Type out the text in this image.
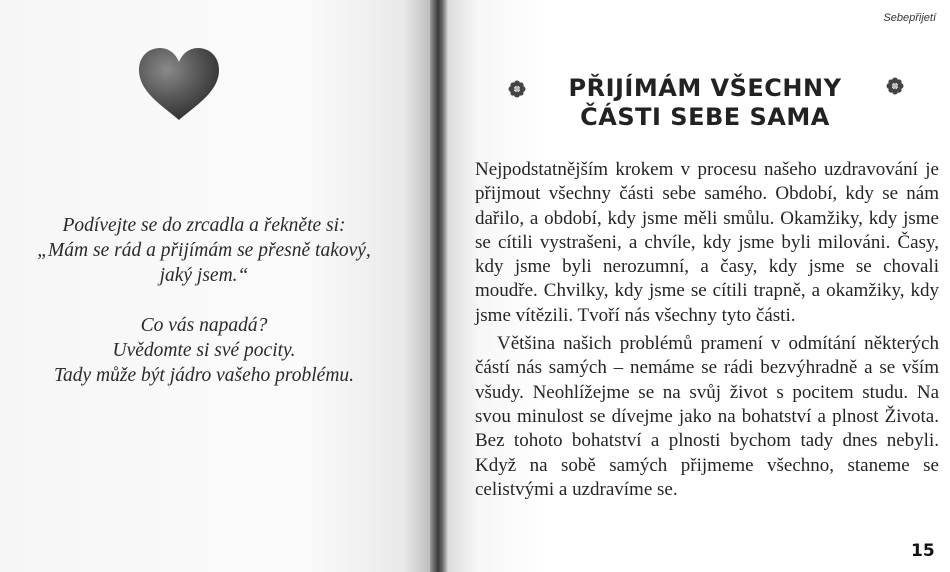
Podívejte se do zrcadla a řekněte si:

„Mám se rád a přijímám se přesně takový,

jaký jsem.“

Co vás napadá?

Uvědomte si své pocity.

Tady může být jádro vašeho problému.

Sebepřijetí
PŘIJÍMÁM VŠECHNY
ČÁSTI SEBE SAMA

Nejpodstatnějším krokem v procesu našeho uzdravování je přijmout všechny části sebe samého. Období, kdy se nám dařilo, a období, kdy jsme měli smůlu. Okamžiky, kdy jsme se cítili vystrašeni, a chvíle, kdy jsme byli milováni. Časy, kdy jsme byli nerozumní, a časy, kdy jsme se chovali moudře. Chvilky, kdy jsme se cítili trapně, a okamžiky, kdy jsme vítězili. Tvoří nás všechny tyto části.

Většina našich problémů pramení v odmítání některých částí nás samých – nemáme se rádi bezvýhradně a se vším všudy. Neohlížejme se na svůj život s pocitem studu. Na svou minulost se dívejme jako na bohatství a plnost Života. Bez tohoto bohatství a plnosti bychom tady dnes nebyli. Když na sobě samých přijmeme všechno, staneme se celistvými a uzdravíme se.

15
